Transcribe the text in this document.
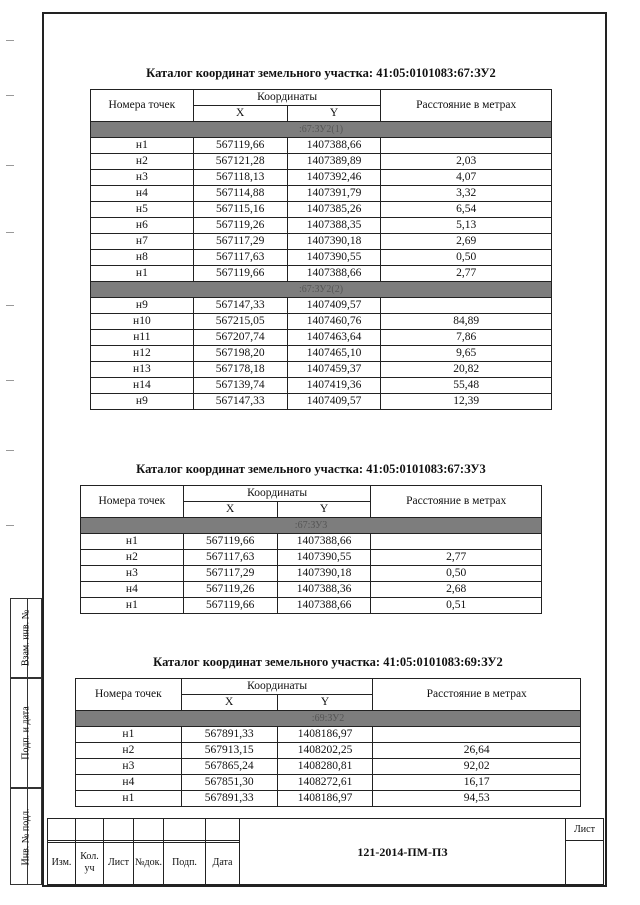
Взам. инв. №
Подп. и дата
Инв. № подл.
Каталог координат земельного участка: 41:05:0101083:67:ЗУ2
Номера точек	Координаты		Расстояние в метрах
	X	Y	
:67:ЗУ2(1)			
н1	567119,66	1407388,66	
н2	567121,28	1407389,89	2,03
н3	567118,13	1407392,46	4,07
н4	567114,88	1407391,79	3,32
н5	567115,16	1407385,26	6,54
н6	567119,26	1407388,35	5,13
н7	567117,29	1407390,18	2,69
н8	567117,63	1407390,55	0,50
н1	567119,66	1407388,66	2,77
:67:ЗУ2(2)			
н9	567147,33	1407409,57	
н10	567215,05	1407460,76	84,89
н11	567207,74	1407463,64	7,86
н12	567198,20	1407465,10	9,65
н13	567178,18	1407459,37	20,82
н14	567139,74	1407419,36	55,48
н9	567147,33	1407409,57	12,39
Каталог координат земельного участка: 41:05:0101083:67:ЗУ3
Номера точек	Координаты		Расстояние в метрах
	X	Y	
:67:ЗУ3			
н1	567119,66	1407388,66	
н2	567117,63	1407390,55	2,77
н3	567117,29	1407390,18	0,50
н4	567119,26	1407388,36	2,68
н1	567119,66	1407388,66	0,51
Каталог координат земельного участка: 41:05:0101083:69:ЗУ2
Номера точек	Координаты		Расстояние в метрах
	X	Y	
:69:ЗУ2			
н1	567891,33	1408186,97	
н2	567913,15	1408202,25	26,64
н3	567865,24	1408280,81	92,02
н4	567851,30	1408272,61	16,17
н1	567891,33	1408186,97	94,53
						121-2014-ПМ-ПЗ	Лист

Изм.	Кол. уч	Лист	№док.	Подп.	Дата		
